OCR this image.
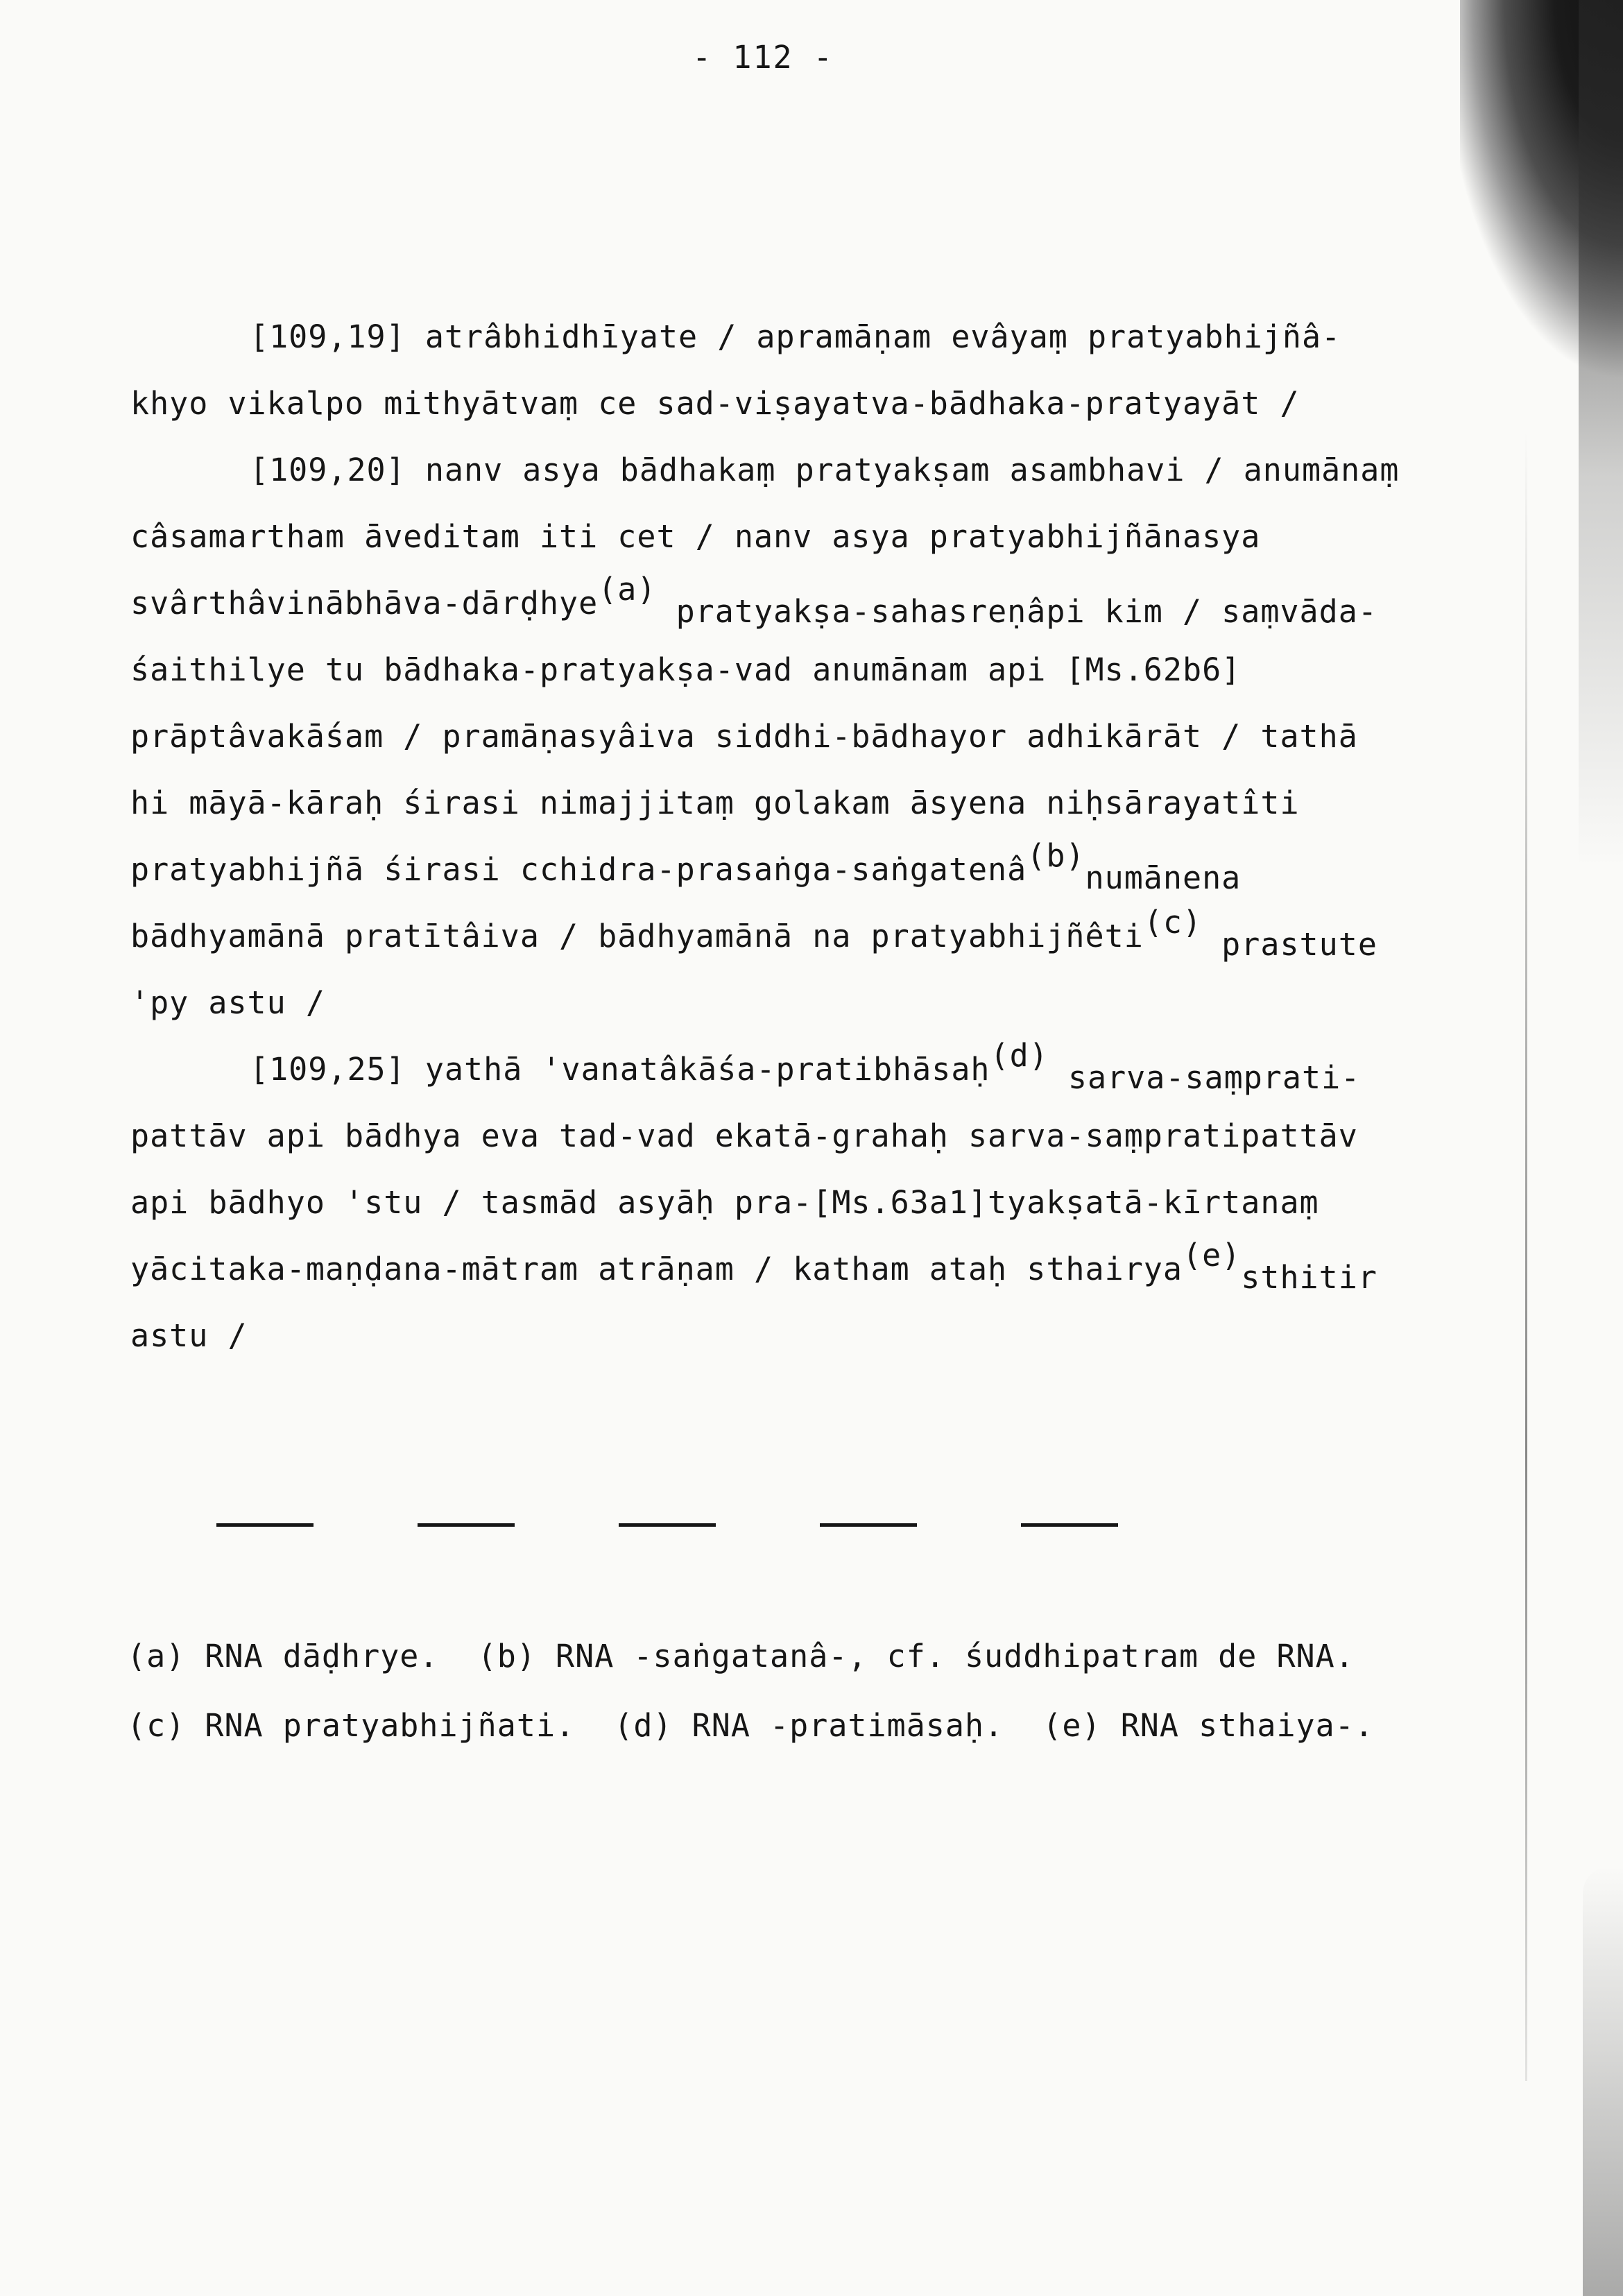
- 112 -
[109,19] atrâbhidhīyate / apramāṇam evâyaṃ pratyabhijñâ-
khyo vikalpo mithyātvaṃ ce sad-viṣayatva-bādhaka-pratyayāt /
[109,20] nanv asya bādhakaṃ pratyakṣam asambhavi / anumānaṃ
câsamartham āveditam iti cet / nanv asya pratyabhijñānasya
svârthâvinābhāva-dārḍhye(a) pratyakṣa-sahasreṇâpi kim / saṃvāda-
śaithilye tu bādhaka-pratyakṣa-vad anumānam api [Ms.62b6]
prāptâvakāśam / pramāṇasyâiva siddhi-bādhayor adhikārāt / tathā
hi māyā-kāraḥ śirasi nimajjitaṃ golakam āsyena niḥsārayatîti
pratyabhijñā śirasi cchidra-prasaṅga-saṅgatenâ(b)numānena
bādhyamānā pratītâiva / bādhyamānā na pratyabhijñêti(c) prastute
'py astu /
[109,25] yathā 'vanatâkāśa-pratibhāsaḥ(d) sarva-saṃprati-
pattāv api bādhya eva tad-vad ekatā-grahaḥ sarva-saṃpratipattāv
api bādhyo 'stu / tasmād asyāḥ pra-[Ms.63a1]tyakṣatā-kīrtanaṃ
yācitaka-maṇḍana-mātram atrāṇam / katham ataḥ sthairya(e)sthitir
astu /
(a) RNA dāḍhrye.  (b) RNA -saṅgatanâ-, cf. śuddhipatram de RNA.
(c) RNA pratyabhijñati.  (d) RNA -pratimāsaḥ.  (e) RNA sthaiya-.
